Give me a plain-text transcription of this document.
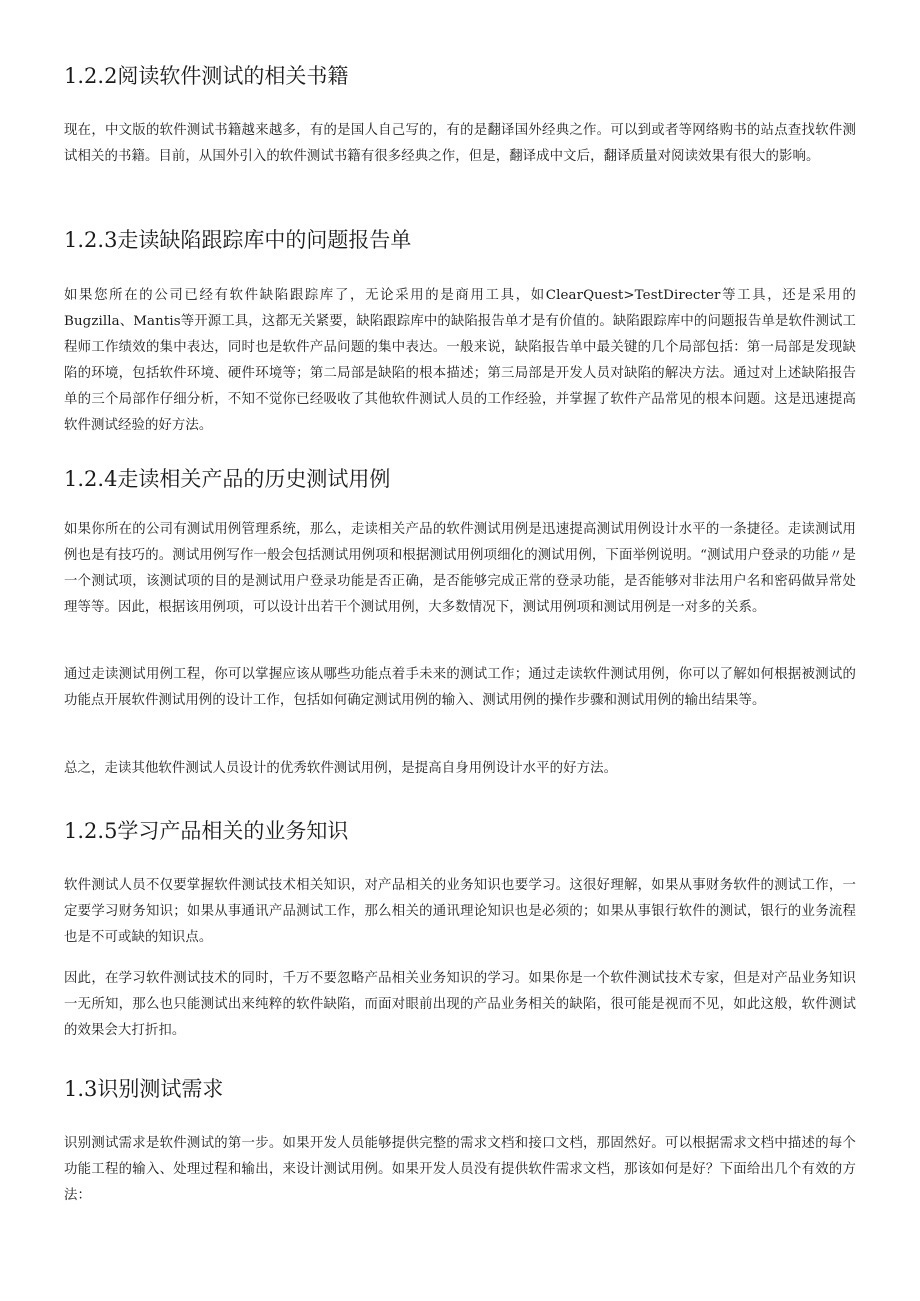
1.2.2阅读软件测试的相关书籍

现在，中文版的软件测试书籍越来越多，有的是国人自己写的，有的是翻译国外经典之作。可以到或者等网络购书的站点查找软件测试相关的书籍。目前，从国外引入的软件测试书籍有很多经典之作，但是，翻译成中文后，翻译质量对阅读效果有很大的影响。

1.2.3走读缺陷跟踪库中的问题报告单

如果您所在的公司已经有软件缺陷跟踪库了，无论采用的是商用工具，如ClearQuest>TestDirecter等工具，还是采用的Bugzilla、Mantis等开源工具，这都无关紧要，缺陷跟踪库中的缺陷报告单才是有价值的。缺陷跟踪库中的问题报告单是软件测试工程师工作绩效的集中表达，同时也是软件产品问题的集中表达。一般来说，缺陷报告单中最关键的几个局部包括：第一局部是发现缺陷的环境，包括软件环境、硬件环境等；第二局部是缺陷的根本描述；第三局部是开发人员对缺陷的解决方法。通过对上述缺陷报告单的三个局部作仔细分析，不知不觉你已经吸收了其他软件测试人员的工作经验，并掌握了软件产品常见的根本问题。这是迅速提高软件测试经验的好方法。

1.2.4走读相关产品的历史测试用例

如果你所在的公司有测试用例管理系统，那么，走读相关产品的软件测试用例是迅速提高测试用例设计水平的一条捷径。走读测试用例也是有技巧的。测试用例写作一般会包括测试用例项和根据测试用例项细化的测试用例，下面举例说明。“测试用户登录的功能〃是一个测试项，该测试项的目的是测试用户登录功能是否正确，是否能够完成正常的登录功能，是否能够对非法用户名和密码做异常处理等等。因此，根据该用例项，可以设计出若干个测试用例，大多数情况下，测试用例项和测试用例是一对多的关系。

通过走读测试用例工程，你可以掌握应该从哪些功能点着手未来的测试工作；通过走读软件测试用例，你可以了解如何根据被测试的功能点开展软件测试用例的设计工作，包括如何确定测试用例的输入、测试用例的操作步骤和测试用例的输出结果等。

总之，走读其他软件测试人员设计的优秀软件测试用例，是提高自身用例设计水平的好方法。

1.2.5学习产品相关的业务知识

软件测试人员不仅要掌握软件测试技术相关知识，对产品相关的业务知识也要学习。这很好理解，如果从事财务软件的测试工作，一定要学习财务知识；如果从事通讯产品测试工作，那么相关的通讯理论知识也是必须的；如果从事银行软件的测试，银行的业务流程也是不可或缺的知识点。

因此，在学习软件测试技术的同时，千万不要忽略产品相关业务知识的学习。如果你是一个软件测试技术专家，但是对产品业务知识一无所知，那么也只能测试出来纯粹的软件缺陷，而面对眼前出现的产品业务相关的缺陷，很可能是视而不见，如此这般，软件测试的效果会大打折扣。

1.3识别测试需求

识别测试需求是软件测试的第一步。如果开发人员能够提供完整的需求文档和接口文档，那固然好。可以根据需求文档中描述的每个功能工程的输入、处理过程和输出，来设计测试用例。如果开发人员没有提供软件需求文档，那该如何是好？下面给出几个有效的方法：
